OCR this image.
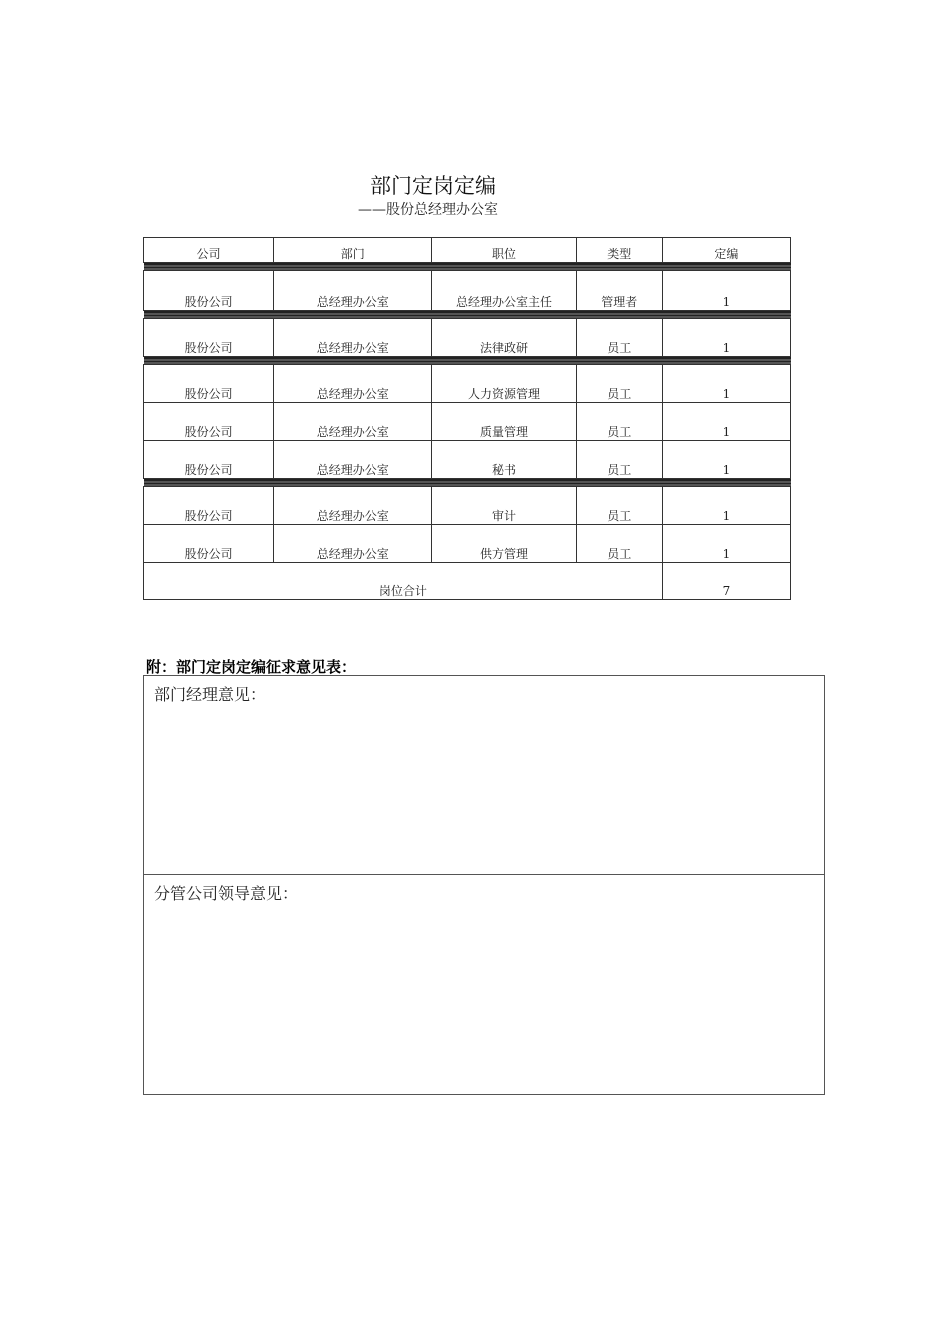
部门定岗定编
——股份总经理办公室
公司	部门	职位	类型	定编

股份公司	总经理办公室	总经理办公室主任	管理者	1

股份公司	总经理办公室	法律政研	员工	1

股份公司	总经理办公室	人力资源管理	员工	1
股份公司	总经理办公室	质量管理	员工	1
股份公司	总经理办公室	秘书	员工	1

股份公司	总经理办公室	审计	员工	1
股份公司	总经理办公室	供方管理	员工	1
岗位合计				7
附：部门定岗定编征求意见表：
部门经理意见：
分管公司领导意见：
